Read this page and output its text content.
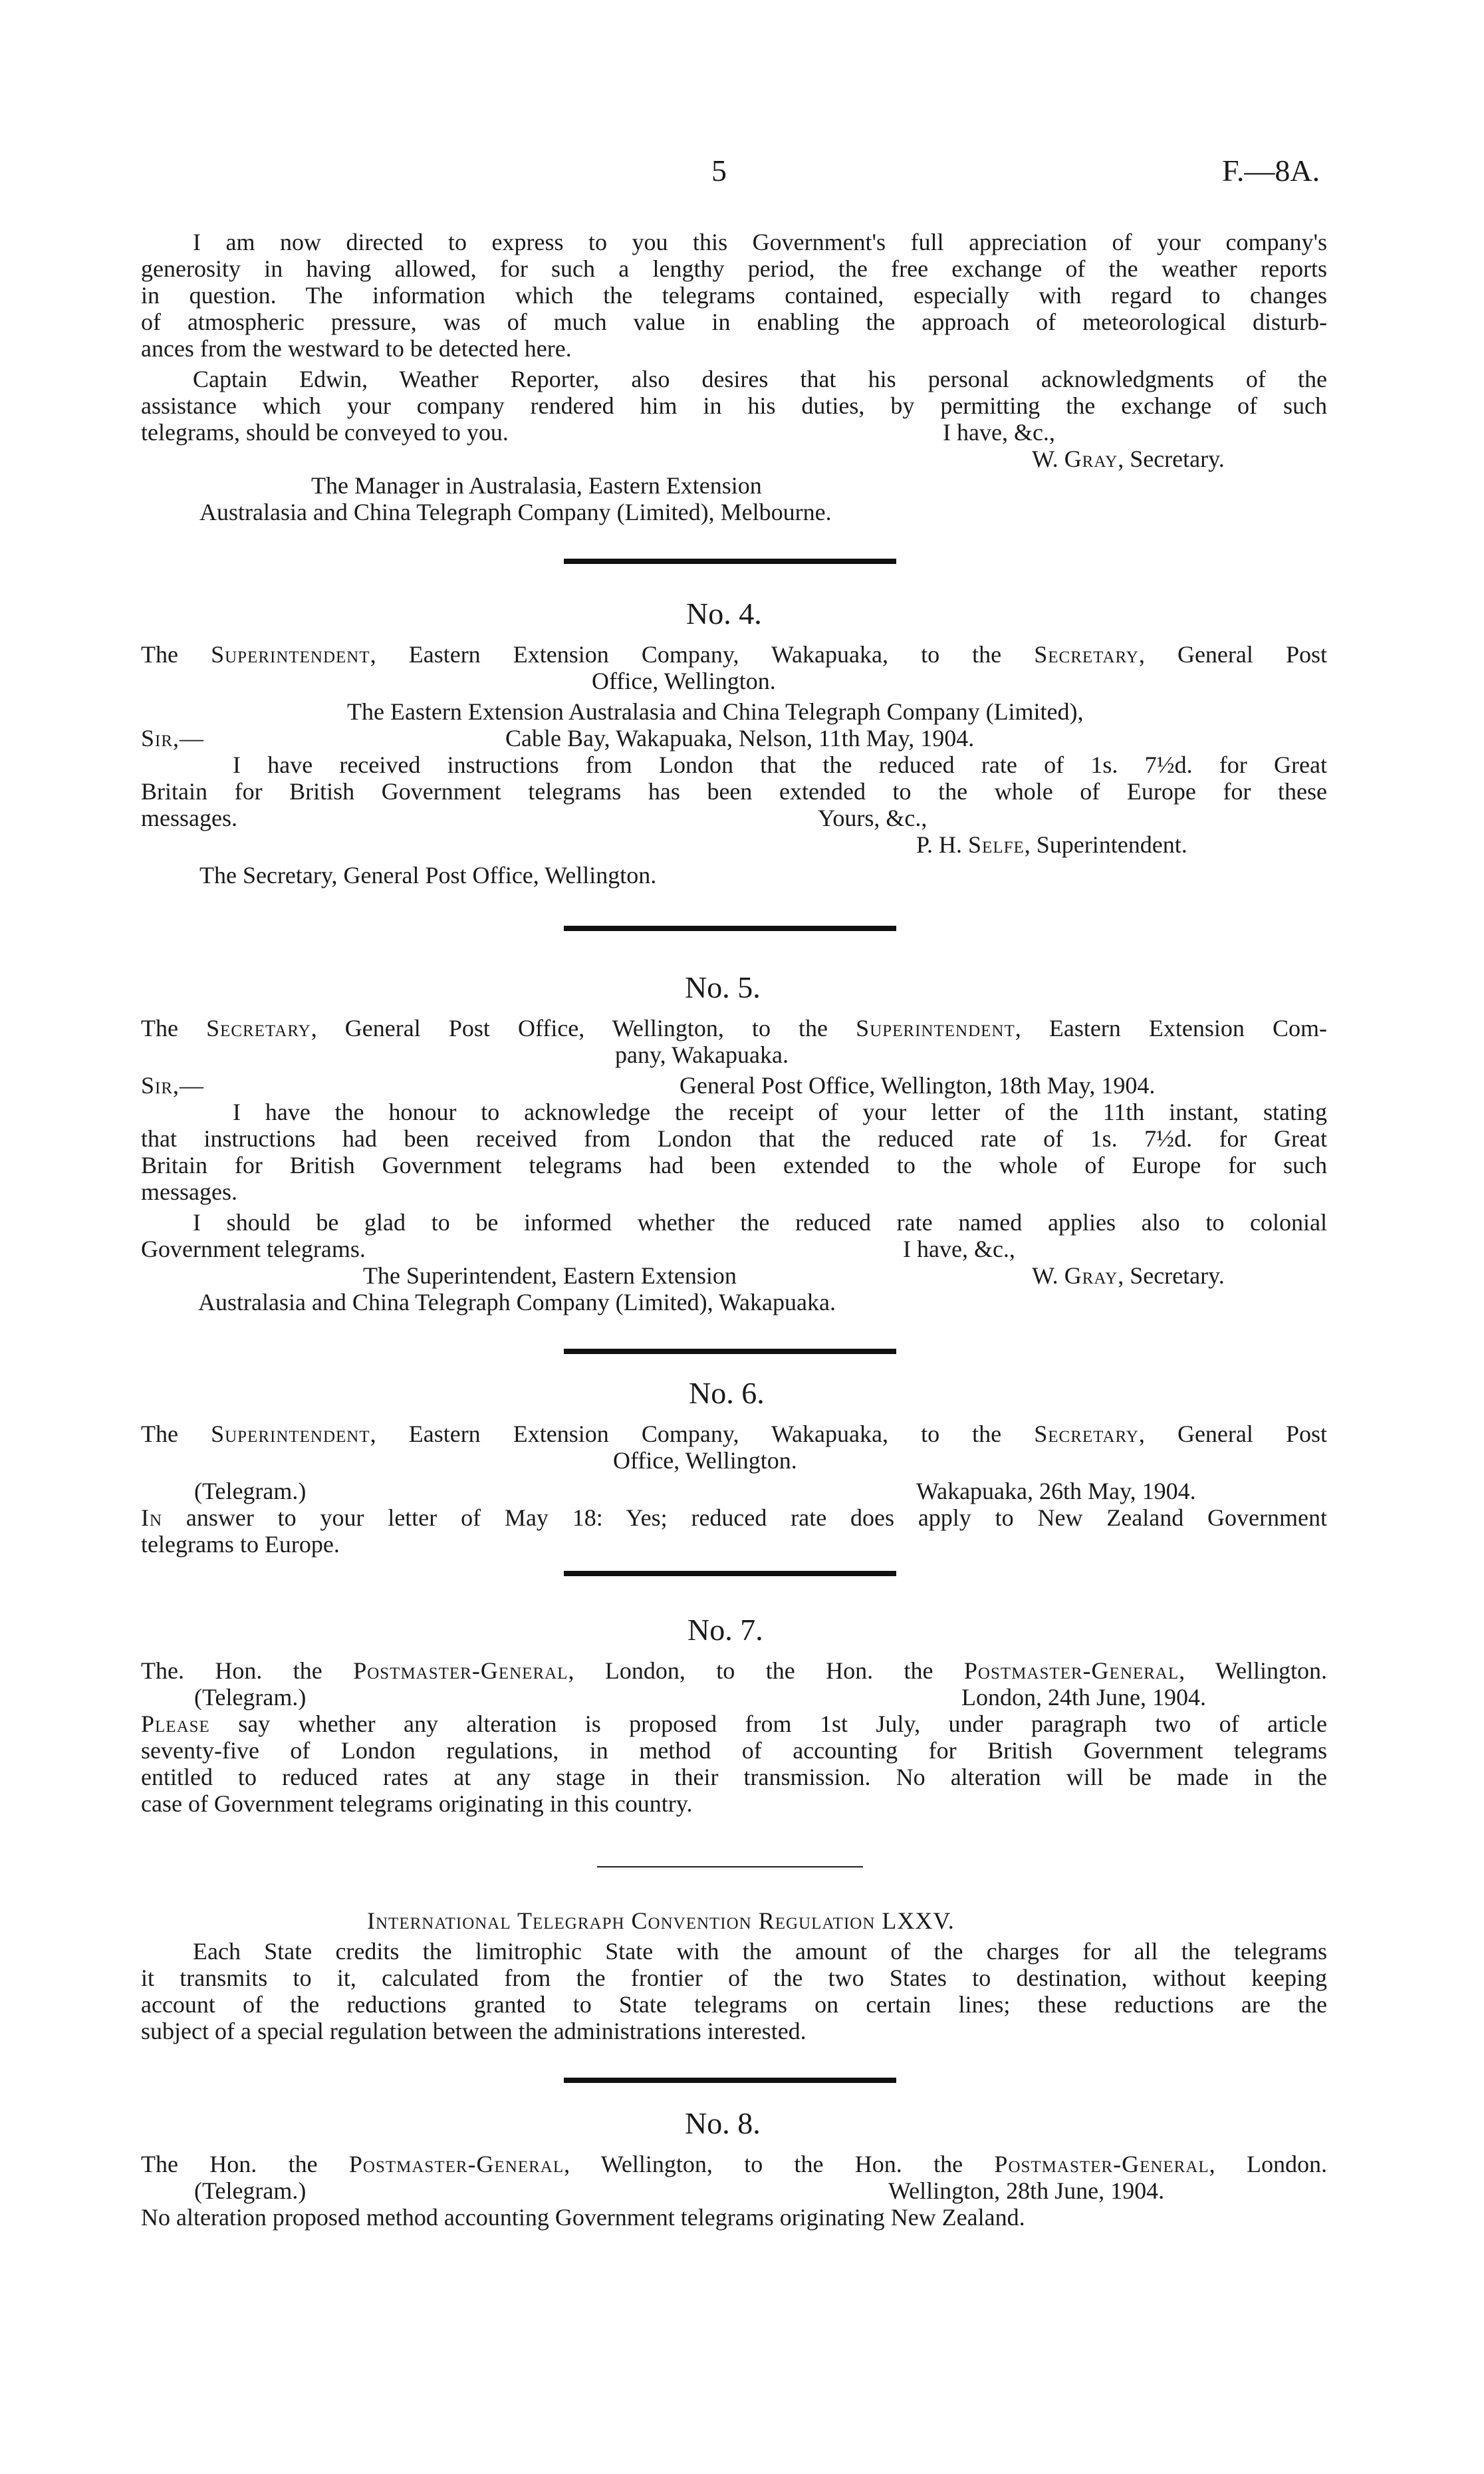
5	F.—8A.
I am now directed to express to you this Government's full appreciation of your company's
generosity in having allowed, for such a lengthy period, the free exchange of the weather reports
in question. The information which the telegrams contained, especially with regard to changes
of atmospheric pressure, was of much value in enabling the approach of meteorological disturb-
ances from the westward to be detected here.
Captain Edwin, Weather Reporter, also desires that his personal acknowledgments of the
assistance which your company rendered him in his duties, by permitting the exchange of such
telegrams, should be conveyed to you.	I have, &c.,
W. Gray, Secretary.
The Manager in Australasia, Eastern Extension
Australasia and China Telegraph Company (Limited), Melbourne.
No. 4.
The Superintendent, Eastern Extension Company, Wakapuaka, to the Secretary, General Post
Office, Wellington.
The Eastern Extension Australasia and China Telegraph Company (Limited),
Sir,—	Cable Bay, Wakapuaka, Nelson, 11th May, 1904.
I have received instructions from London that the reduced rate of 1s. 7½d. for Great
Britain for British Government telegrams has been extended to the whole of Europe for these
messages.	Yours, &c.,
P. H. Selfe, Superintendent.
The Secretary, General Post Office, Wellington.
No. 5.
The Secretary, General Post Office, Wellington, to the Superintendent, Eastern Extension Com-
pany, Wakapuaka.
Sir,—	General Post Office, Wellington, 18th May, 1904.
I have the honour to acknowledge the receipt of your letter of the 11th instant, stating
that instructions had been received from London that the reduced rate of 1s. 7½d. for Great
Britain for British Government telegrams had been extended to the whole of Europe for such
messages.
I should be glad to be informed whether the reduced rate named applies also to colonial
Government telegrams.	I have, &c.,
The Superintendent, Eastern Extension	W. Gray, Secretary.
Australasia and China Telegraph Company (Limited), Wakapuaka.
No. 6.
The Superintendent, Eastern Extension Company, Wakapuaka, to the Secretary, General Post
Office, Wellington.
(Telegram.)	Wakapuaka, 26th May, 1904.
In answer to your letter of May 18: Yes; reduced rate does apply to New Zealand Government
telegrams to Europe.
No. 7.
The. Hon. the Postmaster-General, London, to the Hon. the Postmaster-General, Wellington.
(Telegram.)	London, 24th June, 1904.
Please say whether any alteration is proposed from 1st July, under paragraph two of article
seventy-five of London regulations, in method of accounting for British Government telegrams
entitled to reduced rates at any stage in their transmission. No alteration will be made in the
case of Government telegrams originating in this country.
International Telegraph Convention Regulation LXXV.
Each State credits the limitrophic State with the amount of the charges for all the telegrams
it transmits to it, calculated from the frontier of the two States to destination, without keeping
account of the reductions granted to State telegrams on certain lines; these reductions are the
subject of a special regulation between the administrations interested.
No. 8.
The Hon. the Postmaster-General, Wellington, to the Hon. the Postmaster-General, London.
(Telegram.)	Wellington, 28th June, 1904.
No alteration proposed method accounting Government telegrams originating New Zealand.
